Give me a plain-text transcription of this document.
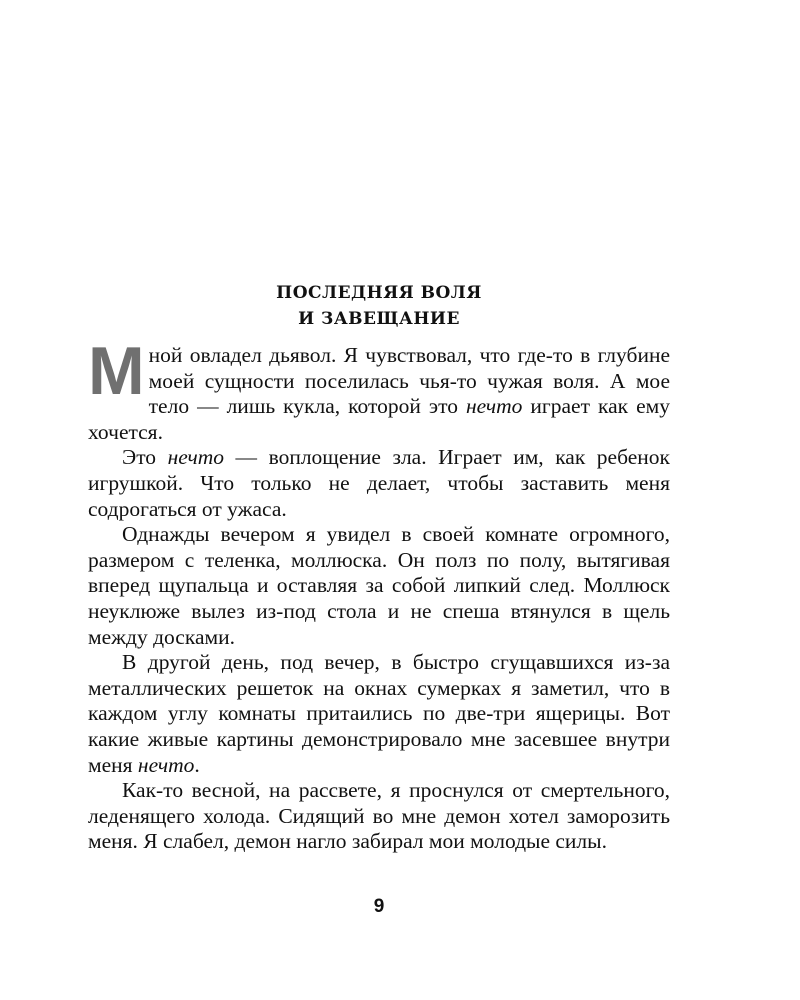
ПОСЛЕДНЯЯ ВОЛЯ
И ЗАВЕЩАНИЕ

Мной овладел дьявол. Я чувствовал, что где-то в глубине моей сущности поселилась чья-то чужая воля. А мое тело — лишь кукла, которой это нечто играет как ему хочется.

Это нечто — воплощение зла. Играет им, как ребенок игрушкой. Что только не делает, чтобы заставить меня содрогаться от ужаса.

Однажды вечером я увидел в своей комнате огромного, размером с теленка, моллюска. Он полз по полу, вытягивая вперед щупальца и оставляя за собой липкий след. Моллюск неуклюже вылез из-под стола и не спеша втянулся в щель между досками.

В другой день, под вечер, в быстро сгущавшихся из-за металлических решеток на окнах сумерках я заметил, что в каждом углу комнаты притаились по две-три ящерицы. Вот какие живые картины демонстрировало мне засевшее внутри меня нечто.

Как-то весной, на рассвете, я проснулся от смертельного, леденящего холода. Сидящий во мне демон хотел заморозить меня. Я слабел, демон нагло забирал мои молодые силы.

9
